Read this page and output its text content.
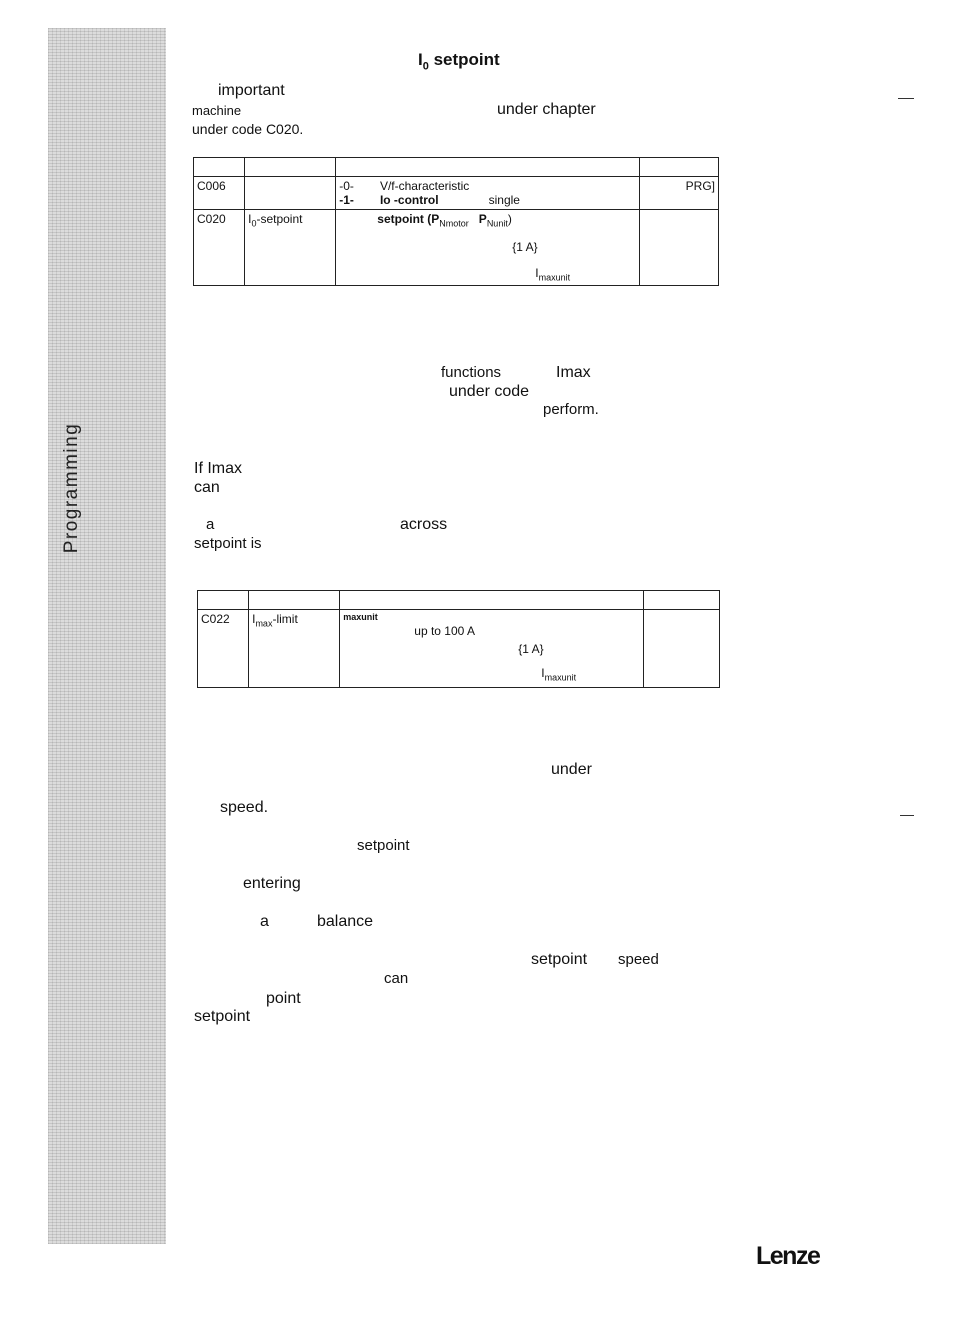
Programming
$I_0$ setpoint
important
machine	under chapter
under code C020.

C006		-0- V/f-characteristic
-1- Io -control single	PRG]
C020	$I_0$-setpoint	setpoint ($P_{Nmotor}$ $P_{Nunit}$)
{1 A}
$I_{maxunit}$

functions	Imax
under code
perform.
If Imax
can
a	across
setpoint is

C022	$I_{max}$-limit	maxunit
up to 100 A
{1 A}
$I_{maxunit}$

under
speed.
setpoint
entering
a	balance
setpoint speed
can
point
setpoint
Lenze
